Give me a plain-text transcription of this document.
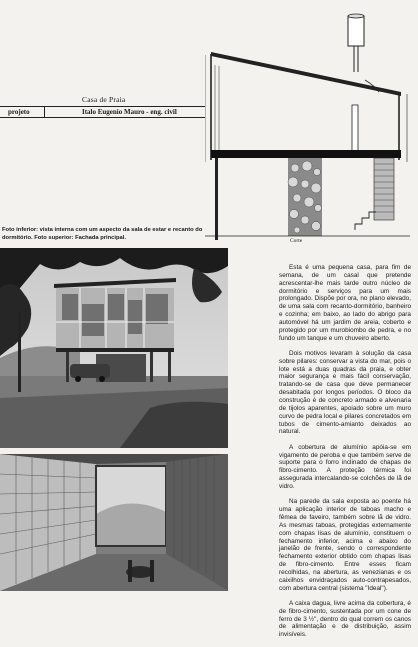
Corte
Casa de Praia
projeto	Italo Eugenio Mauro - eng. civil
Foto inferior: vista interna com um aspecto da sala de estar e recanto do dormitório. Foto superior: Fachada principal.

Esta é uma pequena casa, para fim de semana, de um casal que pretende acrescentar-lhe mais tarde outro núcleo de dormitório e serviços para um mais prolongado. Dispõe por ora, no plano elevado, de uma sala com recanto-dormitório, banheiro e cozinha; em baixo, ao lado do abrigo para automóvel há um jardim de areia, coberto e protegido por um murobiombo de pedra, e no fundo um tanque e um chuveiro aberto.

Dois motivos levaram à solução da casa sobre pilares: conservar a vista do mar, pois o lote está a duas quadras da praia, e obter maior segurança e mais fácil conservação, tratando-se de casa que deve permanecer desabitada por longos períodos. O bloco da construção é de concreto armado e alvenaria de tijolos aparentes, apoiado sobre um muro curvo de pedra local e pilares concretados em tubos de cimento-amianto deixados ao natural.

A cobertura de alumínio apóia-se em vigamento de peroba e que também serve de suporte para o forro inclinado de chapas de fibro-cimento. A proteção térmica foi assegurada intercalando-se colchões de lã de vidro.

Na parede da sala exposta ao poente há uma aplicação interior de taboas macho e fêmea de faveiro, também sobre lã de vidro. As mesmas taboas, protegidas externamente com chapas lisas de alumínio, constituem o fechamento inferior, acima e abaixo do janelão de frente, sendo o correspondente fechamento exterior obtido com chapas lisas de fibro-cimento. Entre esses ficam recolhidas, na abertura, as venezianas e os caixilhos envidraçados auto-contrapesados, com abertura central (sistema "Ideal").

A caixa dagua, livre acima da cobertura, é de fibro-cimento, sustentada por um cone de ferro de 3 ½", dentro do qual correm os canos de alimentação e de distribuição, assim invisíveis.
